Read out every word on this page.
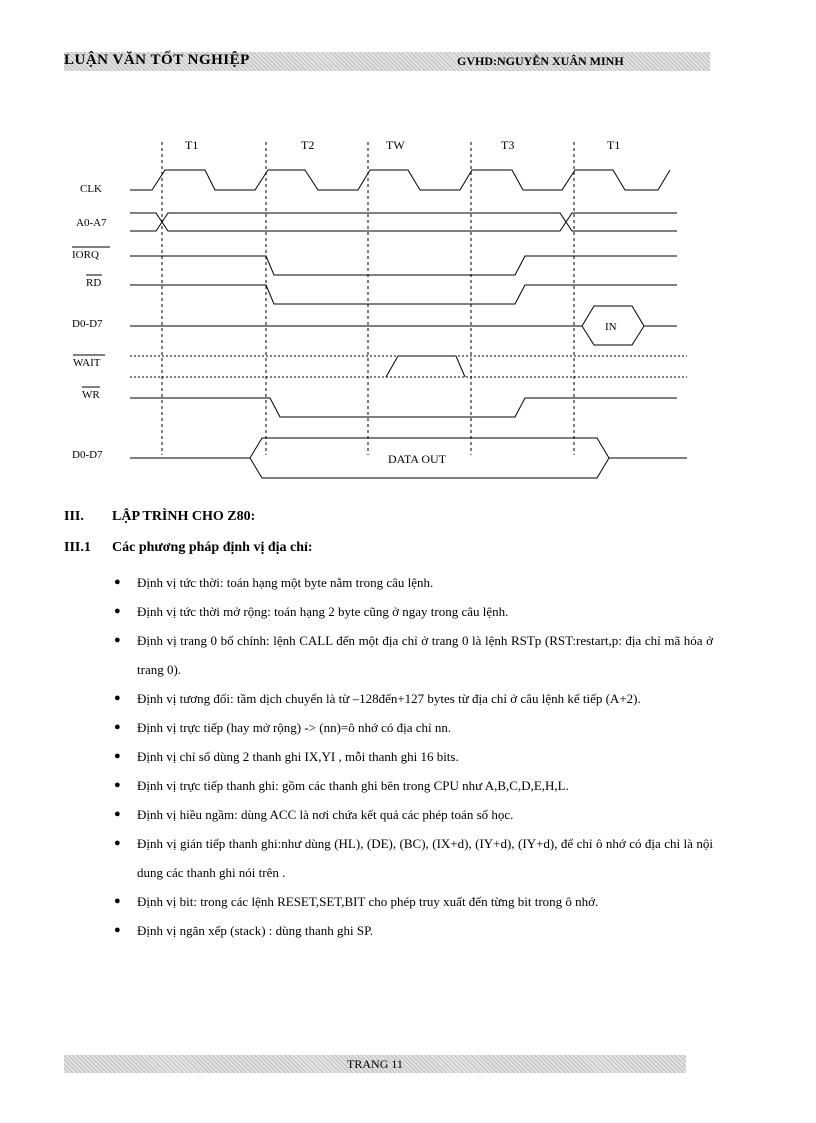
LUẬN VĂN TỐT NGHIỆP	GVHD:NGUYỄN XUÂN MINH
T1	T2	TW	T3	T1
CLK
A0-A7
IORQ
RD
D0-D7
WAIT
WR
D0-D7
IN
DATA OUT
III. LẬP TRÌNH CHO Z80:
III.1 Các phương pháp định vị địa chỉ:
● Định vị tức thời: toán hạng một byte nằm trong câu lệnh.
● Định vị tức thời mở rộng: toán hạng 2 byte cũng ở ngay trong câu lệnh.
● Định vị trang 0 bổ chính: lệnh CALL đến một địa chỉ ở trang 0 là lệnh RSTp (RST:restart,p: địa chỉ mã hóa ở trang 0).
● Định vị tương đối: tầm dịch chuyển là từ –128đến+127 bytes từ địa chỉ ở câu lệnh kế tiếp (A+2).
● Định vị trực tiếp (hay mở rộng) -> (nn)=ô nhớ có địa chỉ nn.
● Định vị chỉ số dùng 2 thanh ghi IX,YI , mỗi thanh ghi 16 bits.
● Định vị trực tiếp thanh ghi: gồm các thanh ghi bên trong CPU như A,B,C,D,E,H,L.
● Định vị hiều ngầm: dùng ACC là nơi chứa kết quả các phép toán số học.
● Định vị gián tiếp thanh ghi:như dùng (HL), (DE), (BC), (IX+d), (IY+d), (IY+d), để chỉ ô nhớ có địa chỉ là nội dung các thanh ghi nói trên .
● Định vị bit: trong các lệnh RESET,SET,BIT cho phép truy xuất đến từng bit trong ô nhớ.
● Định vị ngăn xếp (stack) : dùng thanh ghi SP.
TRANG 11
